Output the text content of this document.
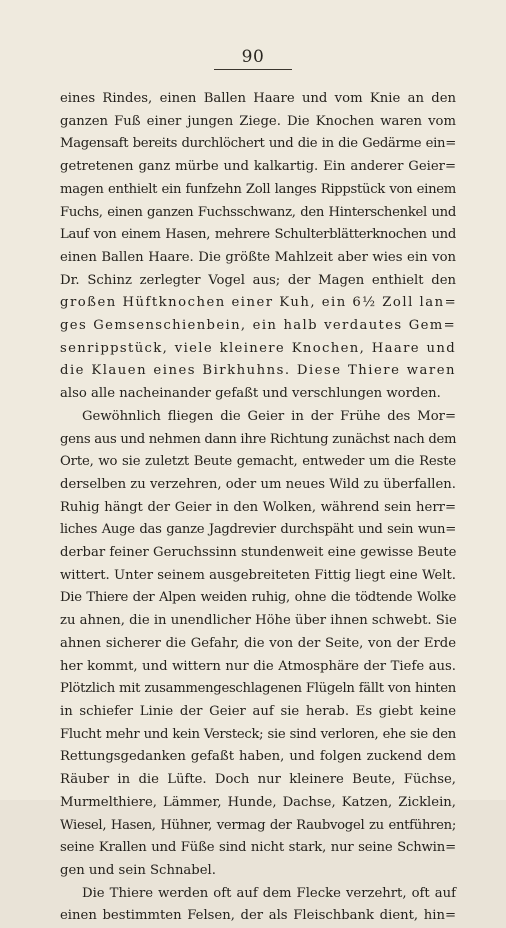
90
eines Rindes, einen Ballen Haare und vom Knie an den
ganzen Fuß einer jungen Ziege. Die Knochen waren vom
Magensaft bereits durchlöchert und die in die Gedärme ein=
getretenen ganz mürbe und kalkartig. Ein anderer Geier=
magen enthielt ein funfzehn Zoll langes Rippstück von einem
Fuchs, einen ganzen Fuchsschwanz, den Hinterschenkel und
Lauf von einem Hasen, mehrere Schulterblätterknochen und
einen Ballen Haare. Die größte Mahlzeit aber wies ein von
Dr. Schinz zerlegter Vogel aus; der Magen enthielt den
großen Hüftknochen einer Kuh, ein 6½ Zoll lan=
ges Gemsenschienbein, ein halb verdautes Gem=
senrippstück, viele kleinere Knochen, Haare und
die Klauen eines Birkhuhns. Diese Thiere waren
also alle nacheinander gefaßt und verschlungen worden.
Gewöhnlich fliegen die Geier in der Frühe des Mor=
gens aus und nehmen dann ihre Richtung zunächst nach dem
Orte, wo sie zuletzt Beute gemacht, entweder um die Reste
derselben zu verzehren, oder um neues Wild zu überfallen.
Ruhig hängt der Geier in den Wolken, während sein herr=
liches Auge das ganze Jagdrevier durchspäht und sein wun=
derbar feiner Geruchssinn stundenweit eine gewisse Beute
wittert. Unter seinem ausgebreiteten Fittig liegt eine Welt.
Die Thiere der Alpen weiden ruhig, ohne die tödtende Wolke
zu ahnen, die in unendlicher Höhe über ihnen schwebt. Sie
ahnen sicherer die Gefahr, die von der Seite, von der Erde
her kommt, und wittern nur die Atmosphäre der Tiefe aus.
Plötzlich mit zusammengeschlagenen Flügeln fällt von hinten
in schiefer Linie der Geier auf sie herab. Es giebt keine
Flucht mehr und kein Versteck; sie sind verloren, ehe sie den
Rettungsgedanken gefaßt haben, und folgen zuckend dem
Räuber in die Lüfte. Doch nur kleinere Beute, Füchse,
Murmelthiere, Lämmer, Hunde, Dachse, Katzen, Zicklein,
Wiesel, Hasen, Hühner, vermag der Raubvogel zu entführen;
seine Krallen und Füße sind nicht stark, nur seine Schwin=
gen und sein Schnabel.
Die Thiere werden oft auf dem Flecke verzehrt, oft auf
einen bestimmten Felsen, der als Fleischbank dient, hin=
